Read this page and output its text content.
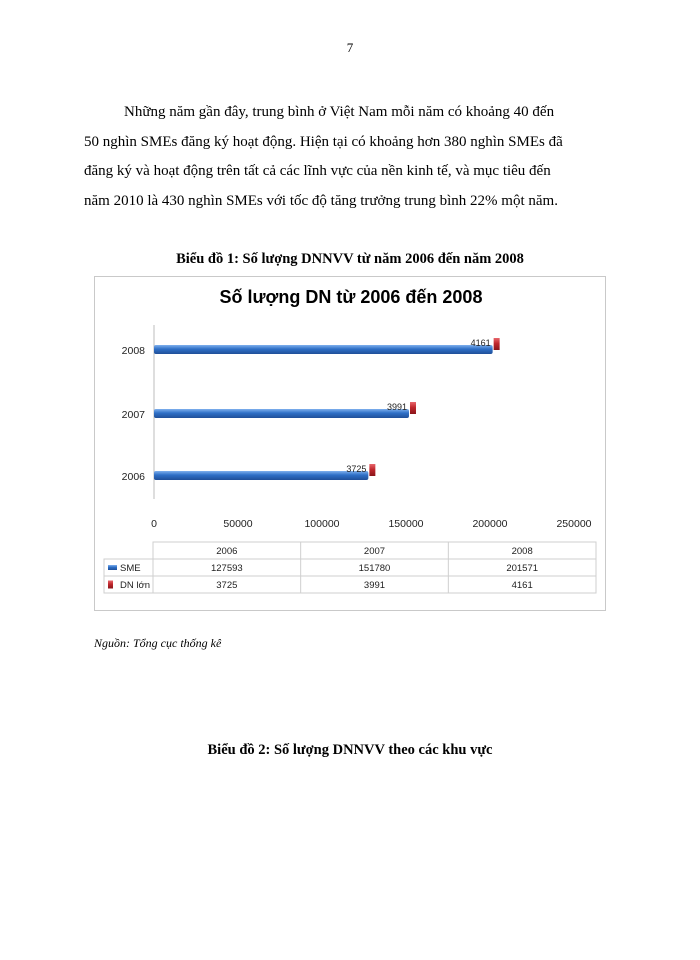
7

Những năm gần đây, trung bình ở Việt Nam mỗi năm có khoảng 40 đến
50 nghìn SMEs đăng ký hoạt động. Hiện tại có khoảng hơn 380 nghìn SMEs đã
đăng ký và hoạt động trên tất cả các lĩnh vực của nền kinh tế, và mục tiêu đến
năm 2010 là 430 nghìn SMEs với tốc độ tăng trưởng trung bình 22% một năm.

Biểu đồ 1: Số lượng DNNVV từ năm 2006 đến năm 2008
Số lượng DN từ 2006 đến 2008
2006
2007
2008
3725
3991
4161
0	50000	100000	150000	200000	250000
2006	2007	2008
SME	127593	151780	201571
DN lớn	3725	3991	4161
Nguồn: Tổng cục thống kê
Biểu đồ 2: Số lượng DNNVV theo các khu vực
